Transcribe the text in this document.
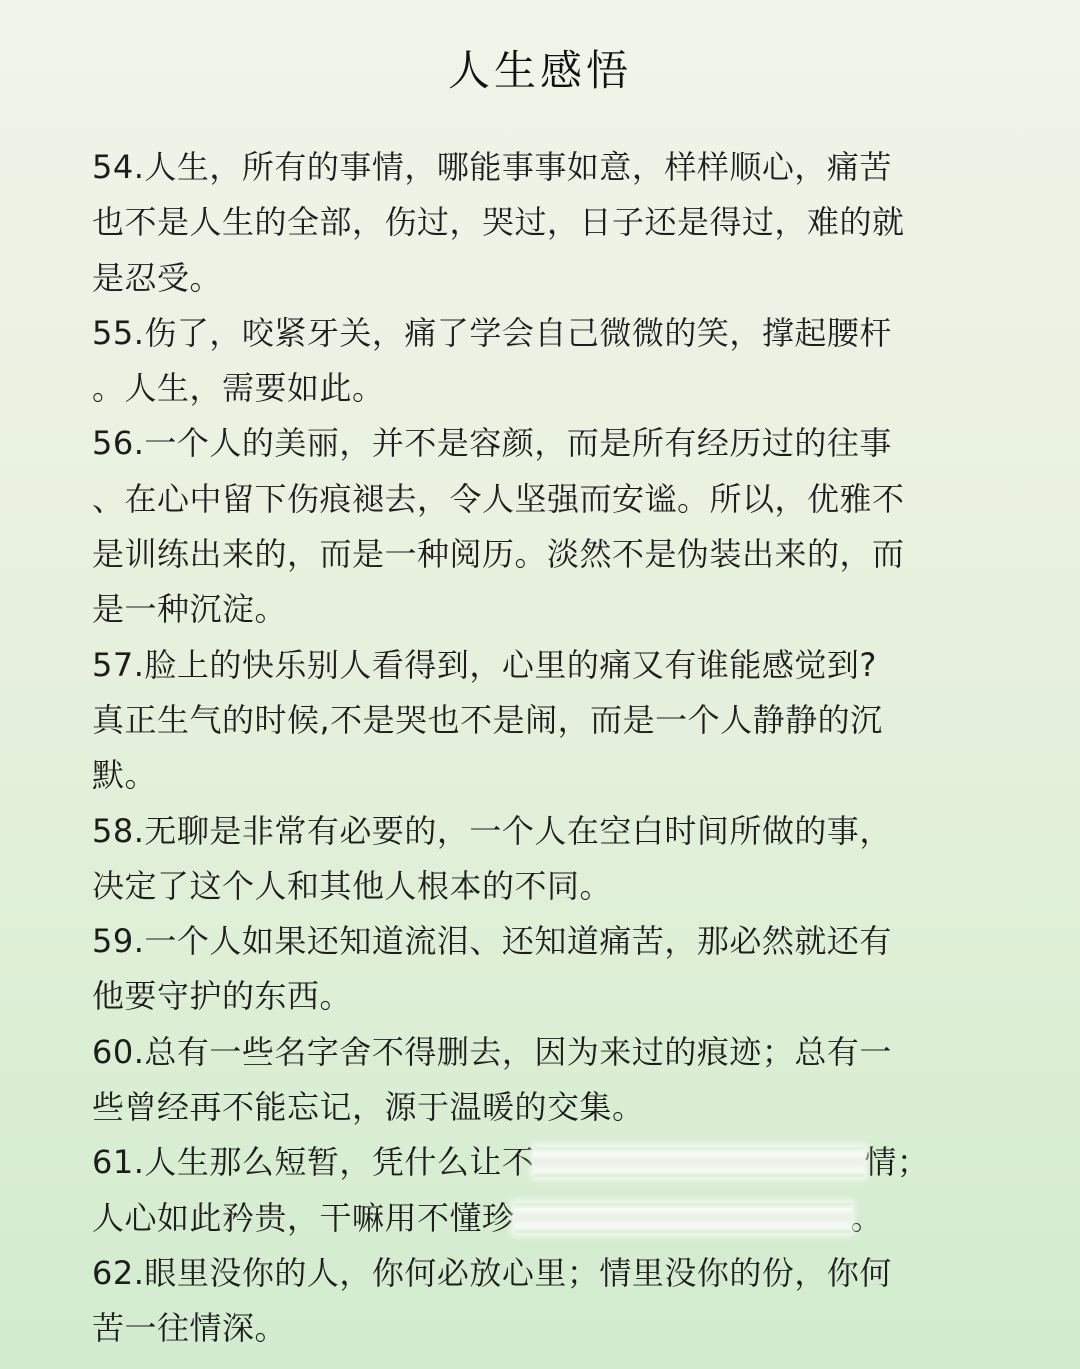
人生感悟
54.人生，所有的事情，哪能事事如意，样样顺心，痛苦
也不是人生的全部，伤过，哭过，日子还是得过，难的就
是忍受。
55.伤了，咬紧牙关，痛了学会自己微微的笑，撑起腰杆
。人生，需要如此。
56.一个人的美丽，并不是容颜，而是所有经历过的往事
、在心中留下伤痕褪去，令人坚强而安谧。所以，优雅不
是训练出来的，而是一种阅历。淡然不是伪装出来的，而
是一种沉淀。
57.脸上的快乐别人看得到，心里的痛又有谁能感觉到?
真正生气的时候,不是哭也不是闹，而是一个人静静的沉
默。
58.无聊是非常有必要的，一个人在空白时间所做的事，
决定了这个人和其他人根本的不同。
59.一个人如果还知道流泪、还知道痛苦，那必然就还有
他要守护的东西。
60.总有一些名字舍不得删去，因为来过的痕迹；总有一
些曾经再不能忘记，源于温暖的交集。
61.人生那么短暂，凭什么让不	情；
人心如此矜贵，干嘛用不懂珍	。
62.眼里没你的人，你何必放心里；情里没你的份，你何
苦一往情深。
